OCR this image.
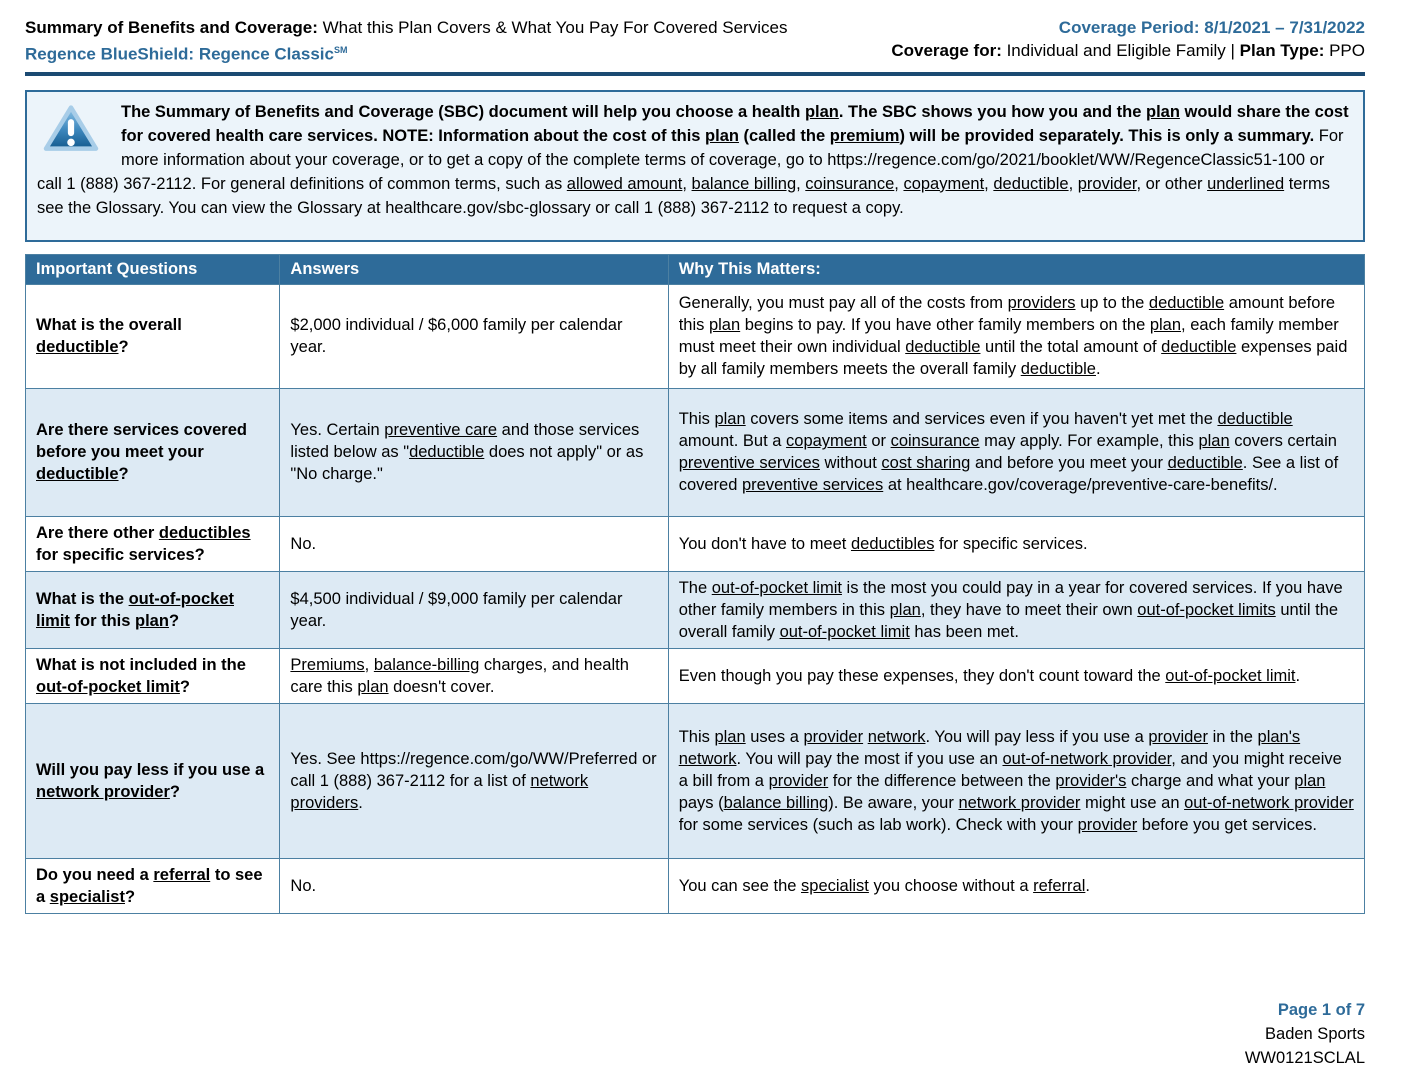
Summary of Benefits and Coverage: What this Plan Covers & What You Pay For Covered Services
Regence BlueShield: Regence Classic℠
Coverage Period: 8/1/2021 – 7/31/2022
Coverage for: Individual and Eligible Family | Plan Type: PPO

The Summary of Benefits and Coverage (SBC) document will help you choose a health plan. The SBC shows you how you and the plan would share the cost for covered health care services. NOTE: Information about the cost of this plan (called the premium) will be provided separately. This is only a summary. For more information about your coverage, or to get a copy of the complete terms of coverage, go to https://regence.com/go/2021/booklet/WW/RegenceClassic51-100 or call 1 (888) 367-2112. For general definitions of common terms, such as allowed amount, balance billing, coinsurance, copayment, deductible, provider, or other underlined terms see the Glossary. You can view the Glossary at healthcare.gov/sbc-glossary or call 1 (888) 367-2112 to request a copy.

Important Questions	Answers	Why This Matters:
What is the overall deductible?	$2,000 individual / $6,000 family per calendar year.	Generally, you must pay all of the costs from providers up to the deductible amount before this plan begins to pay. If you have other family members on the plan, each family member must meet their own individual deductible until the total amount of deductible expenses paid by all family members meets the overall family deductible.
Are there services covered before you meet your deductible?	Yes. Certain preventive care and those services listed below as "deductible does not apply" or as "No charge."	This plan covers some items and services even if you haven't yet met the deductible amount. But a copayment or coinsurance may apply. For example, this plan covers certain preventive services without cost sharing and before you meet your deductible. See a list of covered preventive services at healthcare.gov/coverage/preventive-care-benefits/.
Are there other deductibles for specific services?	No.	You don't have to meet deductibles for specific services.
What is the out-of-pocket limit for this plan?	$4,500 individual / $9,000 family per calendar year.	The out-of-pocket limit is the most you could pay in a year for covered services. If you have other family members in this plan, they have to meet their own out-of-pocket limits until the overall family out-of-pocket limit has been met.
What is not included in the out-of-pocket limit?	Premiums, balance-billing charges, and health care this plan doesn't cover.	Even though you pay these expenses, they don't count toward the out-of-pocket limit.
Will you pay less if you use a network provider?	Yes. See https://regence.com/go/WW/Preferred or call 1 (888) 367-2112 for a list of network providers.	This plan uses a provider network. You will pay less if you use a provider in the plan's network. You will pay the most if you use an out-of-network provider, and you might receive a bill from a provider for the difference between the provider's charge and what your plan pays (balance billing). Be aware, your network provider might use an out-of-network provider for some services (such as lab work). Check with your provider before you get services.
Do you need a referral to see a specialist?	No.	You can see the specialist you choose without a referral.
Page 1 of 7
Baden Sports
WW0121SCLAL
